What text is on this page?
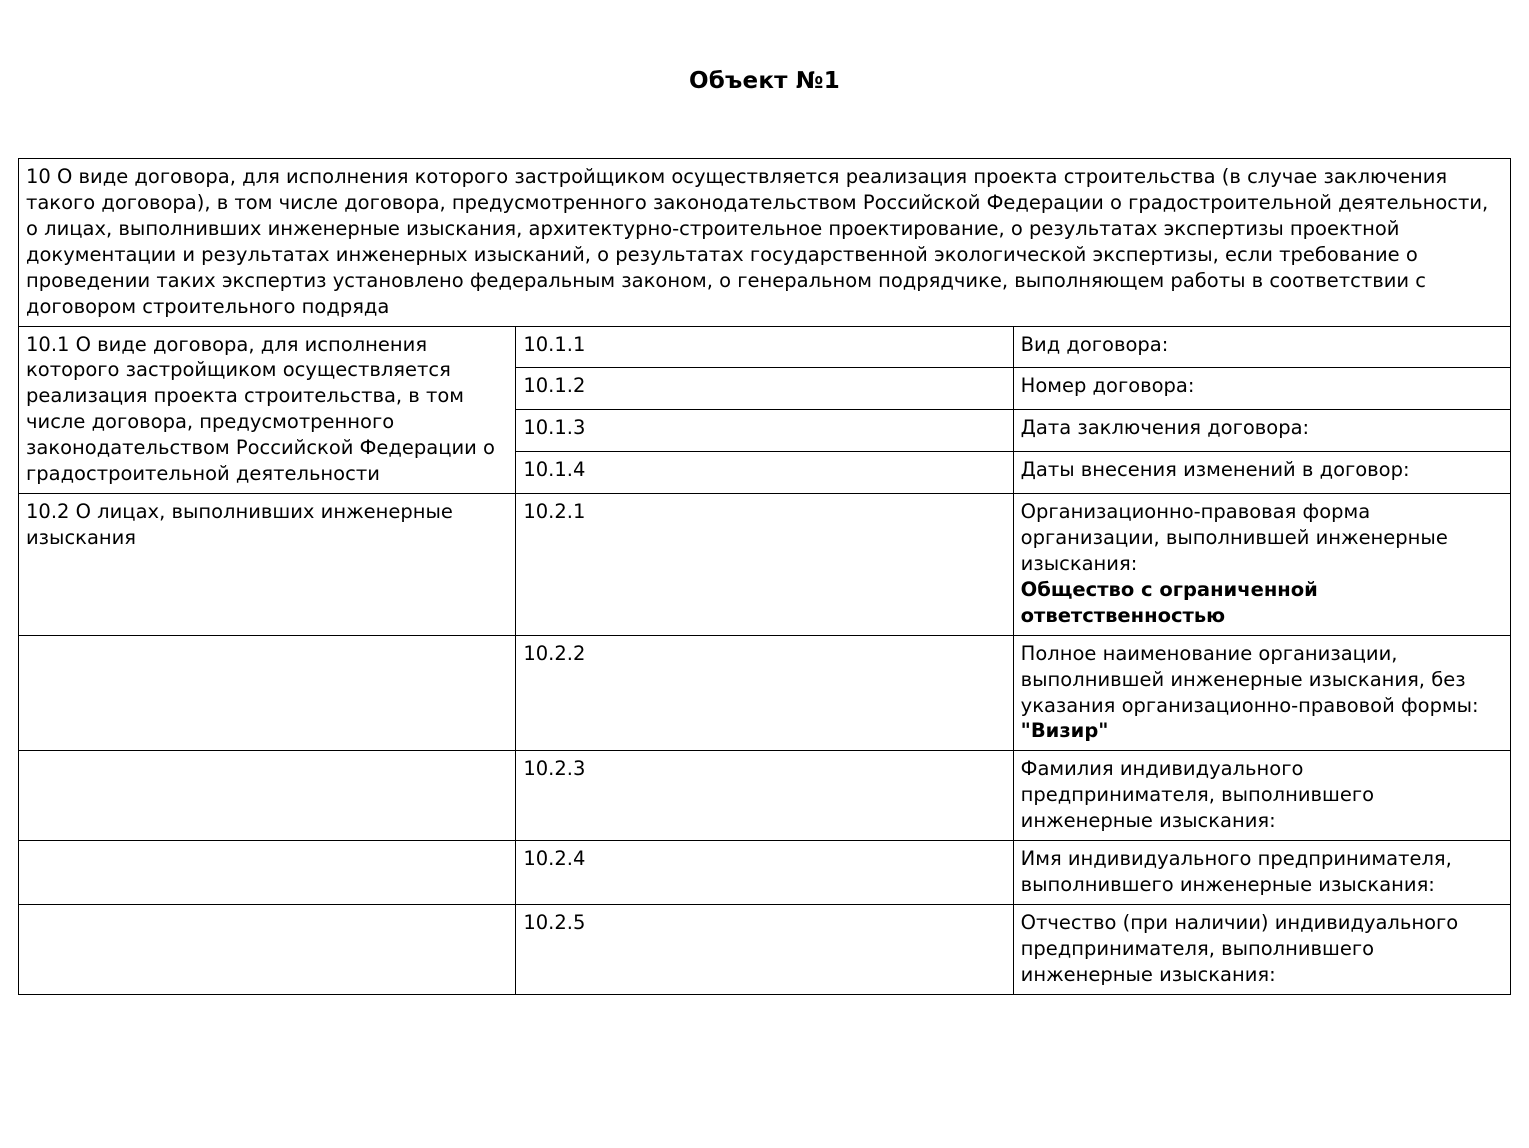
Объект №1
10 О виде договора, для исполнения которого застройщиком осуществляется реализация проекта строительства (в случае заключения такого договора), в том числе договора, предусмотренного законодательством Российской Федерации о градостроительной деятельности, о лицах, выполнивших инженерные изыскания, архитектурно-строительное проектирование, о результатах экспертизы проектной документации и результатах инженерных изысканий, о результатах государственной экологической экспертизы, если требование о проведении таких экспертиз установлено федеральным законом, о генеральном подрядчике, выполняющем работы в соответствии с договором строительного подряда		
10.1 О виде договора, для исполнения которого застройщиком осуществляется реализация проекта строительства, в том числе договора, предусмотренного законодательством Российской Федерации о градостроительной деятельности	10.1.1	Вид договора:
	10.1.2	Номер договора:
	10.1.3	Дата заключения договора:
	10.1.4	Даты внесения изменений в договор:
10.2 О лицах, выполнивших инженерные изыскания	10.2.1	Организационно-правовая форма организации, выполнившей инженерные изыскания:
Общество с ограниченной ответственностью

	10.2.2	Полное наименование организации, выполнившей инженерные изыскания, без указания организационно-правовой формы:
"Визир"

	10.2.3	Фамилия индивидуального предпринимателя, выполнившего инженерные изыскания:
	10.2.4	Имя индивидуального предпринимателя, выполнившего инженерные изыскания:
	10.2.5	Отчество (при наличии) индивидуального предпринимателя, выполнившего инженерные изыскания:
